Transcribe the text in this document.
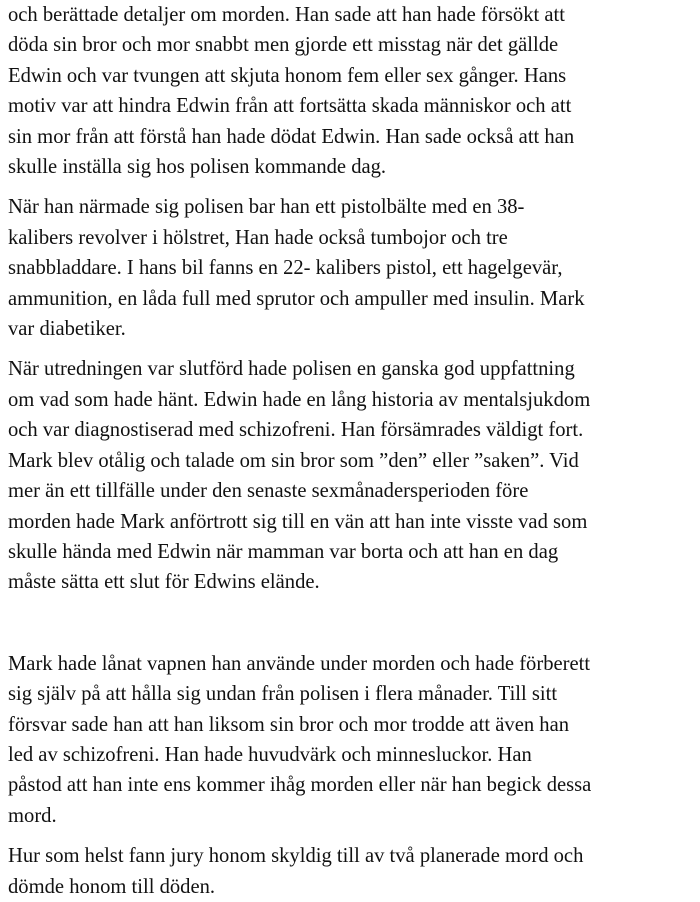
och berättade detaljer om morden. Han sade att han hade försökt att
döda sin bror och mor snabbt men gjorde ett misstag när det gällde
Edwin och var tvungen att skjuta honom fem eller sex gånger. Hans
motiv var att hindra Edwin från att fortsätta skada människor och att
sin mor från att förstå han hade dödat Edwin. Han sade också att han
skulle inställa sig hos polisen kommande dag.

När han närmade sig polisen bar han ett pistolbälte med en 38-
kalibers revolver i hölstret, Han hade också tumbojor och tre
snabbladdare. I hans bil fanns en 22- kalibers pistol, ett hagelgevär,
ammunition, en låda full med sprutor och ampuller med insulin. Mark
var diabetiker.

När utredningen var slutförd hade polisen en ganska god uppfattning
om vad som hade hänt. Edwin hade en lång historia av mentalsjukdom
och var diagnostiserad med schizofreni. Han försämrades väldigt fort.
Mark blev otålig och talade om sin bror som ”den” eller ”saken”. Vid
mer än ett tillfälle under den senaste sexmånadersperioden före
morden hade Mark anförtrott sig till en vän att han inte visste vad som
skulle hända med Edwin när mamman var borta och att han en dag
måste sätta ett slut för Edwins elände.

Mark hade lånat vapnen han använde under morden och hade förberett
sig själv på att hålla sig undan från polisen i flera månader. Till sitt
försvar sade han att han liksom sin bror och mor trodde att även han
led av schizofreni. Han hade huvudvärk och minnesluckor. Han
påstod att han inte ens kommer ihåg morden eller när han begick dessa
mord.

Hur som helst fann jury honom skyldig till av två planerade mord och
dömde honom till döden.
